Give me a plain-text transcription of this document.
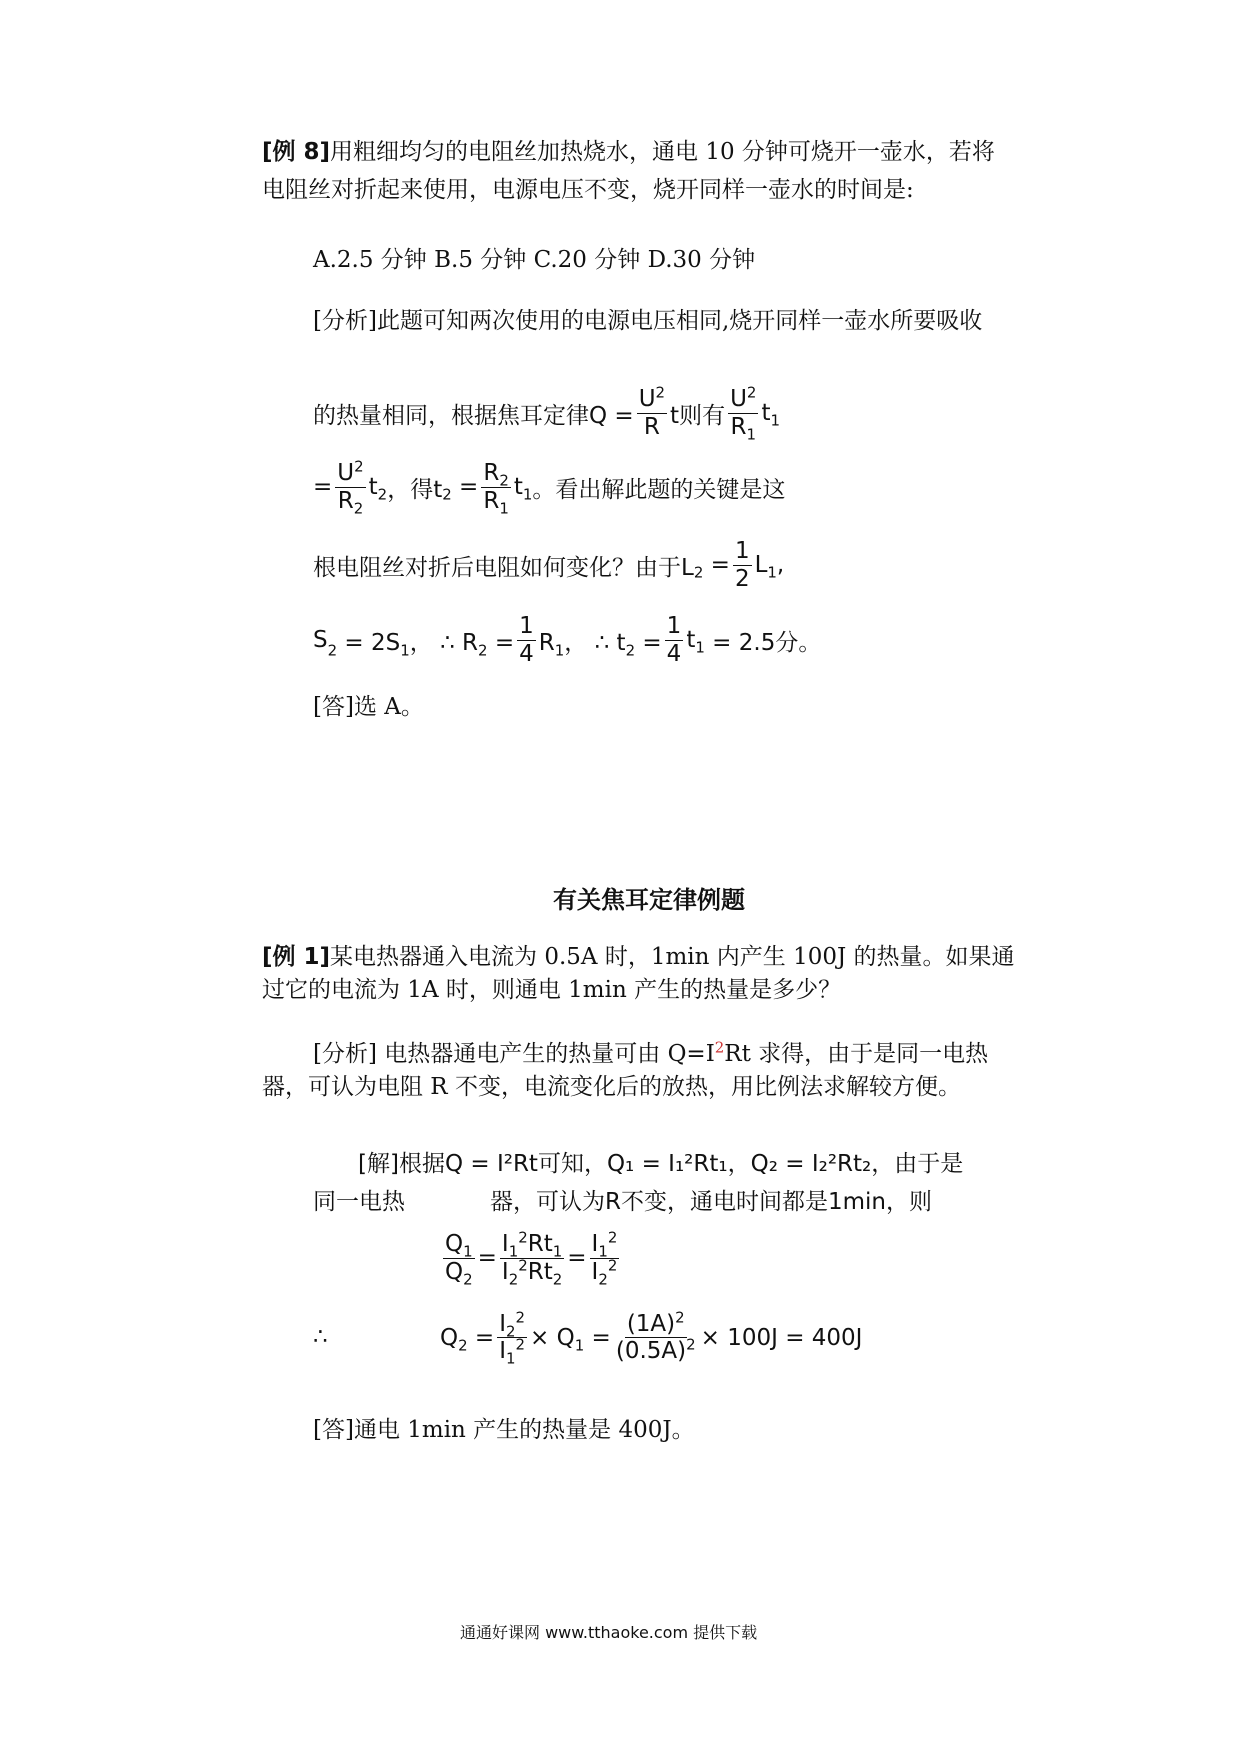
[例 8]用粗细均匀的电阻丝加热烧水，通电 10 分钟可烧开一壶水，若将
电阻丝对折起来使用，电源电压不变，烧开同样一壶水的时间是:
A.2.5 分钟 B.5 分钟 C.20 分钟 D.30 分钟
[分析]此题可知两次使用的电源电压相同,烧开同样一壶水所要吸收
的热量相同，根据焦耳定律$Q = \frac{U^2}{R}$ t则有
$U^2$
$R_1$
$t_1$
= $\frac{U^2}{R_2} t_2$ ，得t $_2 = \frac{R_2}{R_1} t_1$ 。看出解此题的关键是这
根电阻丝对折后电阻如何变化？由于L $_2 = \frac{1}{2} L_1$,
S $_2 = 2S_1$， ∴ $R_2 = \frac{1}{4} R_1$， ∴ $t_2 = \frac{1}{4} t_1 = 2.5$分。
[答]选 A。
有关焦耳定律例题
[例 1]某电热器通入电流为 0.5A 时，1min 内产生 100J 的热量。如果通
过它的电流为 1A 时，则通电 1min 产生的热量是多少？
[分析] 电热器通电产生的热量可由 $Q=I^2Rt$ 求得，由于是同一电热
器，可认为电阻 R 不变，电流变化后的放热，用比例法求解较方便。
[解]根据Q = I²Rt可知，Q₁ = I₁²Rt₁，Q₂ = I₂²Rt₂，由于是
同一电热	器，可认为R不变，通电时间都是1min，则
$\frac{Q_1}{Q_2} = \frac{I_1^2Rt_1}{I_2^2Rt_2} = \frac{I_1^2}{I_2^2}$
∴	$Q_2 = \frac{I_2^2}{I_1^2} \times Q_1 = \frac{(1A)^2}{(0.5A)^2} \times 100J = 400J$
[答]通电 1min 产生的热量是 400J。
通通好课网 www.tthaoke.com 提供下载
